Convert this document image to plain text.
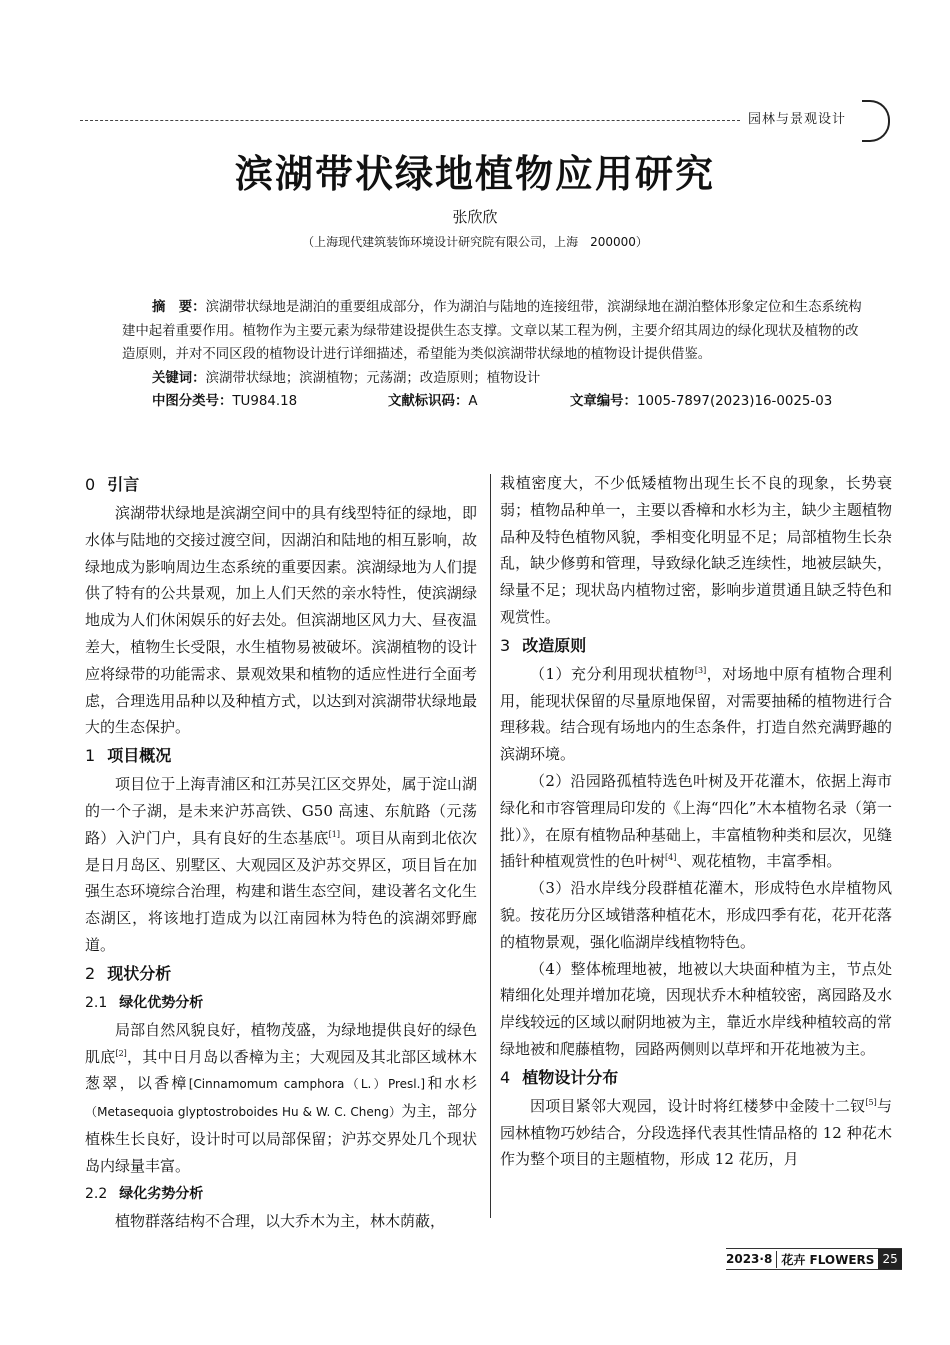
园林与景观设计
滨湖带状绿地植物应用研究
张欣欣
（上海现代建筑装饰环境设计研究院有限公司，上海　200000）

摘　要：滨湖带状绿地是湖泊的重要组成部分，作为湖泊与陆地的连接纽带，滨湖绿地在湖泊整体形象定位和生态系统构建中起着重要作用。植物作为主要元素为绿带建设提供生态支撑。文章以某工程为例，主要介绍其周边的绿化现状及植物的改造原则，并对不同区段的植物设计进行详细描述，希望能为类似滨湖带状绿地的植物设计提供借鉴。

关键词：滨湖带状绿地；滨湖植物；元荡湖；改造原则；植物设计

中图分类号：TU984.18	文献标识码：A	文章编号：1005-7897(2023)16-0025-03
0 引言

滨湖带状绿地是滨湖空间中的具有线型特征的绿地，即水体与陆地的交接过渡空间，因湖泊和陆地的相互影响，故绿地成为影响周边生态系统的重要因素。滨湖绿地为人们提供了特有的公共景观，加上人们天然的亲水特性，使滨湖绿地成为人们休闲娱乐的好去处。但滨湖地区风力大、昼夜温差大，植物生长受限，水生植物易被破坏。滨湖植物的设计应将绿带的功能需求、景观效果和植物的适应性进行全面考虑，合理选用品种以及种植方式，以达到对滨湖带状绿地最大的生态保护。

1 项目概况

项目位于上海青浦区和江苏吴江区交界处，属于淀山湖的一个子湖，是未来沪苏高铁、G50 高速、东航路（元荡路）入沪门户，具有良好的生态基底[1]。项目从南到北依次是日月岛区、别墅区、大观园区及沪苏交界区，项目旨在加强生态环境综合治理，构建和谐生态空间，建设著名文化生态湖区，将该地打造成为以江南园林为特色的滨湖郊野廊道。

2 现状分析
2.1 绿化优势分析

局部自然风貌良好，植物茂盛，为绿地提供良好的绿色肌底[2]，其中日月岛以香樟为主；大观园及其北部区域林木葱翠，以香樟[Cinnamomum camphora（L.）Presl.]和水杉（Metasequoia glyptostroboides Hu & W. C. Cheng）为主，部分植株生长良好，设计时可以局部保留；沪苏交界处几个现状岛内绿量丰富。

2.2 绿化劣势分析

植物群落结构不合理，以大乔木为主，林木荫蔽，

栽植密度大，不少低矮植物出现生长不良的现象，长势衰弱；植物品种单一，主要以香樟和水杉为主，缺少主题植物品种及特色植物风貌，季相变化明显不足；局部植物生长杂乱，缺少修剪和管理，导致绿化缺乏连续性，地被层缺失，绿量不足；现状岛内植物过密，影响步道贯通且缺乏特色和观赏性。

3 改造原则

（1）充分利用现状植物[3]，对场地中原有植物合理利用，能现状保留的尽量原地保留，对需要抽稀的植物进行合理移栽。结合现有场地内的生态条件，打造自然充满野趣的滨湖环境。

（2）沿园路孤植特选色叶树及开花灌木，依据上海市绿化和市容管理局印发的《上海“四化”木本植物名录（第一批）》，在原有植物品种基础上，丰富植物种类和层次，见缝插针种植观赏性的色叶树[4]、观花植物，丰富季相。

（3）沿水岸线分段群植花灌木，形成特色水岸植物风貌。按花历分区域错落种植花木，形成四季有花，花开花落的植物景观，强化临湖岸线植物特色。

（4）整体梳理地被，地被以大块面种植为主，节点处精细化处理并增加花境，因现状乔木种植较密，离园路及水岸线较远的区域以耐阴地被为主，靠近水岸线种植较高的常绿地被和爬藤植物，园路两侧则以草坪和开花地被为主。

4 植物设计分布

因项目紧邻大观园，设计时将红楼梦中金陵十二钗[5]与园林植物巧妙结合，分段选择代表其性情品格的 12 种花木作为整个项目的主题植物，形成 12 花历，月

2023·8 花卉 FLOWERS 25
